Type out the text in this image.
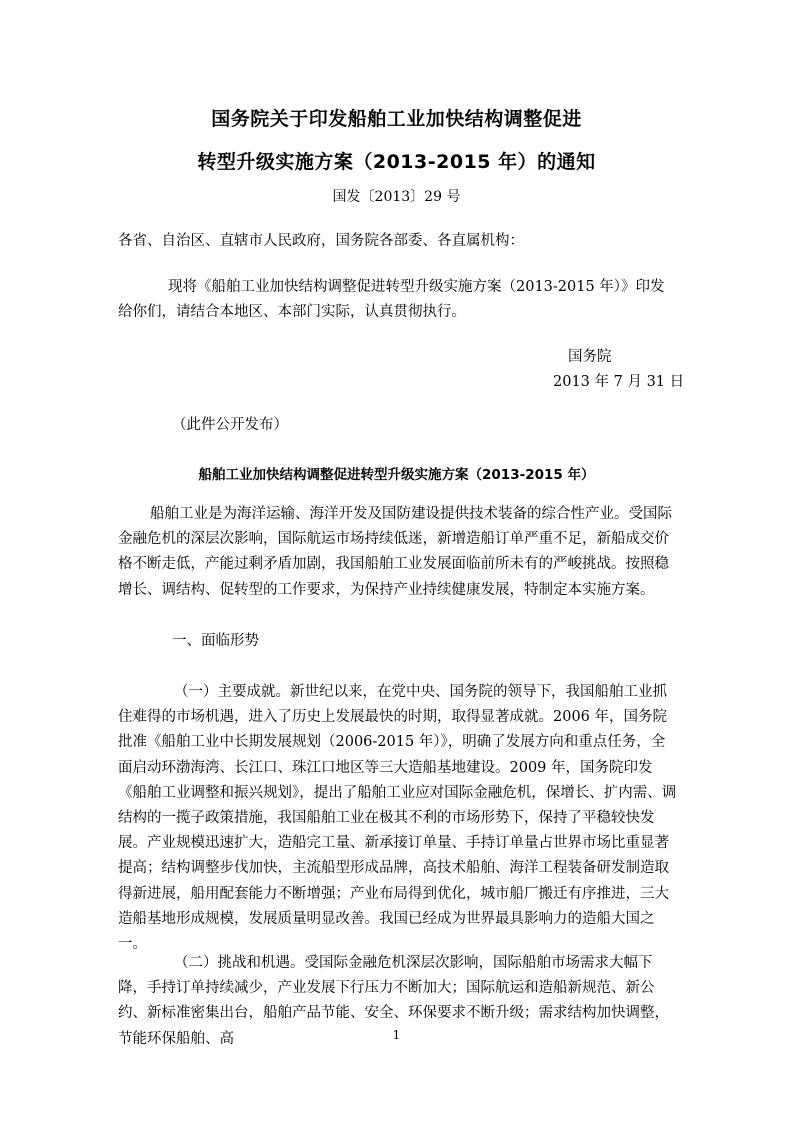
国务院关于印发船舶工业加快结构调整促进
转型升级实施方案（2013-2015 年）的通知
国发〔2013〕29 号
各省、自治区、直辖市人民政府，国务院各部委、各直属机构：
现将《船舶工业加快结构调整促进转型升级实施方案（2013-2015 年）》印发给你们，请结合本地区、本部门实际，认真贯彻执行。
国务院
2013 年 7 月 31 日
（此件公开发布）
船舶工业加快结构调整促进转型升级实施方案（2013-2015 年）
船舶工业是为海洋运输、海洋开发及国防建设提供技术装备的综合性产业。受国际金融危机的深层次影响，国际航运市场持续低迷，新增造船订单严重不足，新船成交价格不断走低，产能过剩矛盾加剧，我国船舶工业发展面临前所未有的严峻挑战。按照稳增长、调结构、促转型的工作要求，为保持产业持续健康发展，特制定本实施方案。
一、面临形势
（一）主要成就。新世纪以来，在党中央、国务院的领导下，我国船舶工业抓住难得的市场机遇，进入了历史上发展最快的时期，取得显著成就。2006 年，国务院批准《船舶工业中长期发展规划（2006-2015 年）》，明确了发展方向和重点任务，全面启动环渤海湾、长江口、珠江口地区等三大造船基地建设。2009 年，国务院印发《船舶工业调整和振兴规划》，提出了船舶工业应对国际金融危机，保增长、扩内需、调结构的一揽子政策措施，我国船舶工业在极其不利的市场形势下，保持了平稳较快发展。产业规模迅速扩大，造船完工量、新承接订单量、手持订单量占世界市场比重显著提高；结构调整步伐加快，主流船型形成品牌，高技术船舶、海洋工程装备研发制造取得新进展，船用配套能力不断增强；产业布局得到优化，城市船厂搬迁有序推进，三大造船基地形成规模，发展质量明显改善。我国已经成为世界最具影响力的造船大国之一。
（二）挑战和机遇。受国际金融危机深层次影响，国际船舶市场需求大幅下降，手持订单持续减少，产业发展下行压力不断加大；国际航运和造船新规范、新公约、新标准密集出台，船舶产品节能、安全、环保要求不断升级；需求结构加快调整，节能环保船舶、高	1
